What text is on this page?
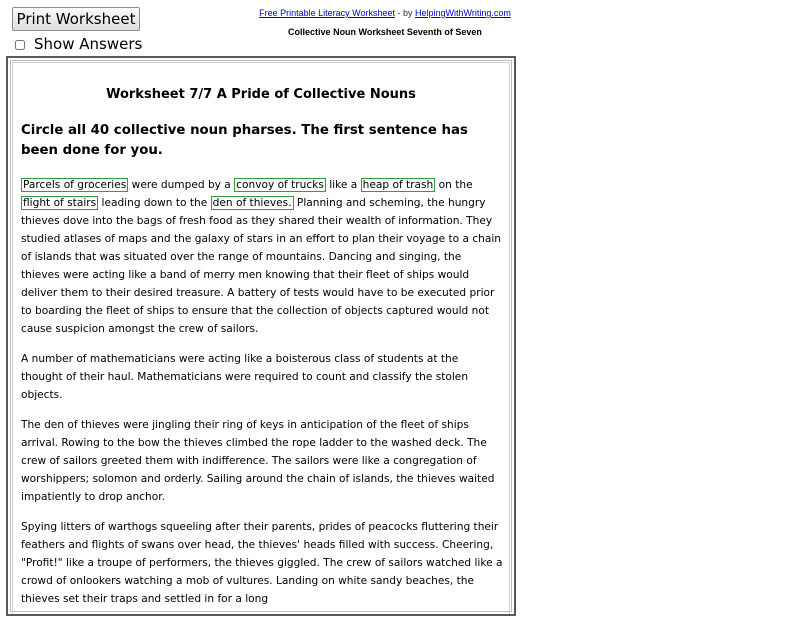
Print Worksheet
Show Answers
Free Printable Literacy Worksheet - by HelpingWithWriting.com
Collective Noun Worksheet Seventh of Seven
Worksheet 7/7 A Pride of Collective Nouns
Circle all 40 collective noun pharses. The first sentence has been done for you.

Parcels of groceries were dumped by a convoy of trucks like a heap of trash on the flight of stairs leading down to the den of thieves. Planning and scheming, the hungry thieves dove into the bags of fresh food as they shared their wealth of information. They studied atlases of maps and the galaxy of stars in an effort to plan their voyage to a chain of islands that was situated over the range of mountains. Dancing and singing, the thieves were acting like a band of merry men knowing that their fleet of ships would deliver them to their desired treasure. A battery of tests would have to be executed prior to boarding the fleet of ships to ensure that the collection of objects captured would not cause suspicion amongst the crew of sailors.

A number of mathematicians were acting like a boisterous class of students at the thought of their haul. Mathematicians were required to count and classify the stolen objects.

The den of thieves were jingling their ring of keys in anticipation of the fleet of ships arrival. Rowing to the bow the thieves climbed the rope ladder to the washed deck. The crew of sailors greeted them with indifference. The sailors were like a congregation of worshippers; solomon and orderly. Sailing around the chain of islands, the thieves waited impatiently to drop anchor.

Spying litters of warthogs squeeling after their parents, prides of peacocks fluttering their feathers and flights of swans over head, the thieves' heads filled with success. Cheering, "Profit!" like a troupe of performers, the thieves giggled. The crew of sailors watched like a crowd of onlookers watching a mob of vultures. Landing on white sandy beaches, the thieves set their traps and settled in for a long
